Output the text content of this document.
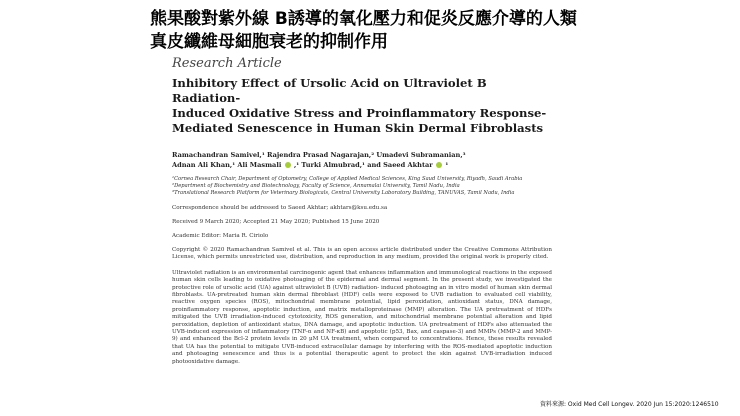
熊果酸對紫外線 B誘導的氧化壓力和促炎反應介導的人類
真皮纖維母細胞衰老的抑制作用

Research Article

Inhibitory Effect of Ursolic Acid on Ultraviolet B Radiation-
Induced Oxidative Stress and Proinflammatory Response-
Mediated Senescence in Human Skin Dermal Fibroblasts
Ramachandran Samivel,¹ Rajendra Prasad Nagarajan,² Umadevi Subramanian,³
Adnan Ali Khan,¹ Ali Masmali ,¹ Turki Almubrad,¹ and Saeed Akhtar ¹

¹Cornea Research Chair, Department of Optometry, College of Applied Medical Sciences, King Saud University, Riyadh, Saudi Arabia

²Department of Biochemistry and Biotechnology, Faculty of Science, Annamalai University, Tamil Nadu, India

³Translational Research Platform for Veterinary Biologicals, Central University Laboratory Building, TANUVAS, Tamil Nadu, India

Correspondence should be addressed to Saeed Akhtar; akhtars@ksu.edu.sa

Received 9 March 2020; Accepted 21 May 2020; Published 15 June 2020

Academic Editor: Maria R. Ciriolo

Copyright © 2020 Ramachandran Samivel et al. This is an open access article distributed under the Creative Commons Attribution License, which permits unrestricted use, distribution, and reproduction in any medium, provided the original work is properly cited.

Ultraviolet radiation is an environmental carcinogenic agent that enhances inflammation and immunological reactions in the exposed human skin cells leading to oxidative photoaging of the epidermal and dermal segment. In the present study, we investigated the protective role of ursolic acid (UA) against ultraviolet B (UVB) radiation- induced photoaging an in vitro model of human skin dermal fibroblasts. UA-pretreated human skin dermal fibroblast (HDF) cells were exposed to UVB radiation to evaluated cell viability, reactive oxygen species (ROS), mitochondrial membrane potential, lipid peroxidation, antioxidant status, DNA damage, proinflammatory response, apoptotic induction, and matrix metalloproteinase (MMP) alteration. The UA pretreatment of HDFs mitigated the UVB irradiation-induced cytotoxicity, ROS generation, and mitochondrial membrane potential alteration and lipid peroxidation, depletion of antioxidant status, DNA damage, and apoptotic induction. UA pretreatment of HDFs also attenuated the UVB-induced expression of inflammatory (TNF-α and NF-κB) and apoptotic (p53, Bax, and caspase-3) and MMPs (MMP-2 and MMP-9) and enhanced the Bcl-2 protein levels in 20 μM UA treatment, when compared to concentrations. Hence, these results revealed that UA has the potential to mitigate UVB-induced extracellular damage by interfering with the ROS-mediated apoptotic induction and photoaging senescence and thus is a potential therapeutic agent to protect the skin against UVB-irradiation induced photooxidative damage.

資料來源: Oxid Med Cell Longev. 2020 Jun 15:2020:1246510
